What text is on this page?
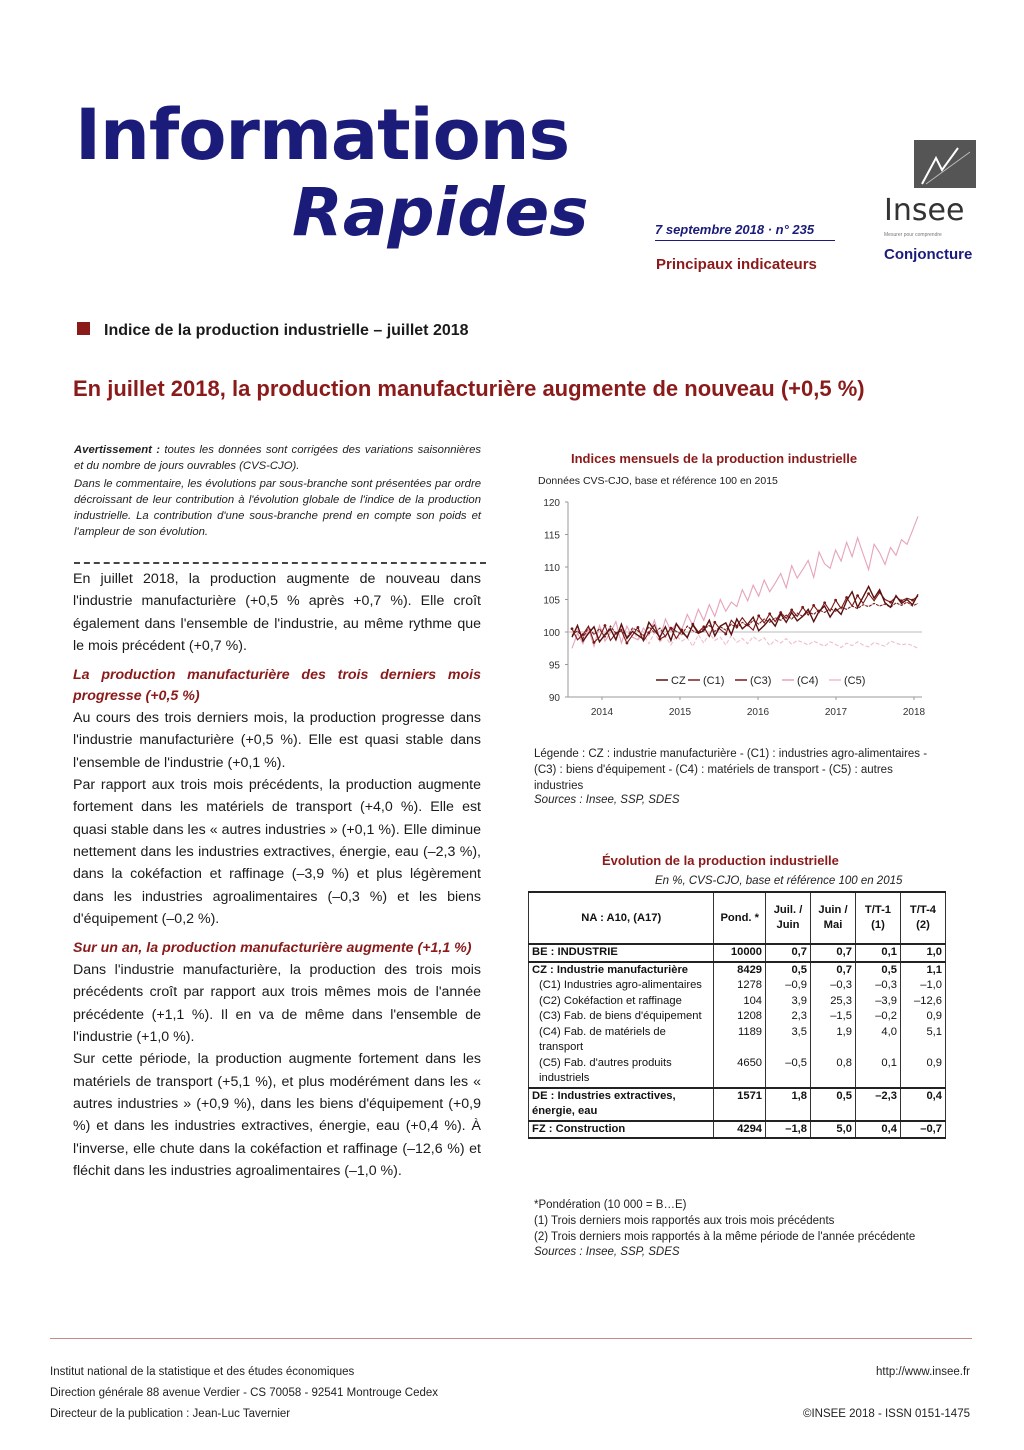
Informations
Rapides	7 septembre 2018 · n° 235
Principaux indicateurs
Insee
Mesurer pour comprendre
Conjoncture
Indice de la production industrielle – juillet 2018
En juillet 2018, la production manufacturière augmente de nouveau (+0,5 %)

Avertissement : toutes les données sont corrigées des variations saisonnières et du nombre de jours ouvrables (CVS-CJO).

Dans le commentaire, les évolutions par sous-branche sont présentées par ordre décroissant de leur contribution à l'évolution globale de l'indice de la production industrielle. La contribution d'une sous-branche prend en compte son poids et l'ampleur de son évolution.

En juillet 2018, la production augmente de nouveau dans l'industrie manufacturière (+0,5 % après +0,7 %). Elle croît également dans l'ensemble de l'industrie, au même rythme que le mois précédent (+0,7 %).

La production manufacturière des trois derniers mois progresse (+0,5 %)

Au cours des trois derniers mois, la production progresse dans l'industrie manufacturière (+0,5 %). Elle est quasi stable dans l'ensemble de l'industrie (+0,1 %).

Par rapport aux trois mois précédents, la production augmente fortement dans les matériels de transport (+4,0 %). Elle est quasi stable dans les « autres industries » (+0,1 %). Elle diminue nettement dans les industries extractives, énergie, eau (–2,3 %), dans la cokéfaction et raffinage (–3,9 %) et plus légèrement dans les industries agroalimentaires (–0,3 %) et les biens d'équipement (–0,2 %).

Sur un an, la production manufacturière augmente (+1,1 %)

Dans l'industrie manufacturière, la production des trois mois précédents croît par rapport aux trois mêmes mois de l'année précédente (+1,1 %). Il en va de même dans l'ensemble de l'industrie (+1,0 %).

Sur cette période, la production augmente fortement dans les matériels de transport (+5,1 %), et plus modérément dans les « autres industries » (+0,9 %), dans les biens d'équipement (+0,9 %) et dans les industries extractives, énergie, eau (+0,4 %). À l'inverse, elle chute dans la cokéfaction et raffinage (–12,6 %) et fléchit dans les industries agroalimentaires (–1,0 %).

Indices mensuels de la production industrielle
Données CVS-CJO, base et référence 100 en 2015
90
95
100
105
110
115
120
2014	2015	2016	2017	2018
CZ (C1) (C3) (C4) (C5)
Légende : CZ : industrie manufacturière - (C1) : industries agro-alimentaires - (C3) : biens d'équipement - (C4) : matériels de transport - (C5) : autres industries
Sources : Insee, SSP, SDES
Évolution de la production industrielle
En %, CVS-CJO, base et référence 100 en 2015
NA : A10, (A17)	Pond. *	Juil. / Juin	Juin / Mai	T/T-1 (1)	T/T-4 (2)
BE : INDUSTRIE	10000	0,7	0,7	0,1	1,0
CZ : Industrie manufacturière	8429	0,5	0,7	0,5	1,1
(C1) Industries agro-alimentaires	1278	–0,9	–0,3	–0,3	–1,0
(C2) Cokéfaction et raffinage	104	3,9	25,3	–3,9	–12,6
(C3) Fab. de biens d'équipement	1208	2,3	–1,5	–0,2	0,9
(C4) Fab. de matériels de transport	1189	3,5	1,9	4,0	5,1
(C5) Fab. d'autres produits industriels	4650	–0,5	0,8	0,1	0,9
DE : Industries extractives, énergie, eau	1571	1,8	0,5	–2,3	0,4
FZ : Construction	4294	–1,8	5,0	0,4	–0,7

*Pondération (10 000 = B…E)

(1) Trois derniers mois rapportés aux trois mois précédents

(2) Trois derniers mois rapportés à la même période de l'année précédente

Sources : Insee, SSP, SDES

Institut national de la statistique et des études économiques
Direction générale 88 avenue Verdier - CS 70058 - 92541 Montrouge Cedex
Directeur de la publication : Jean-Luc Tavernier
http://www.insee.fr

©INSEE 2018 - ISSN 0151-1475
